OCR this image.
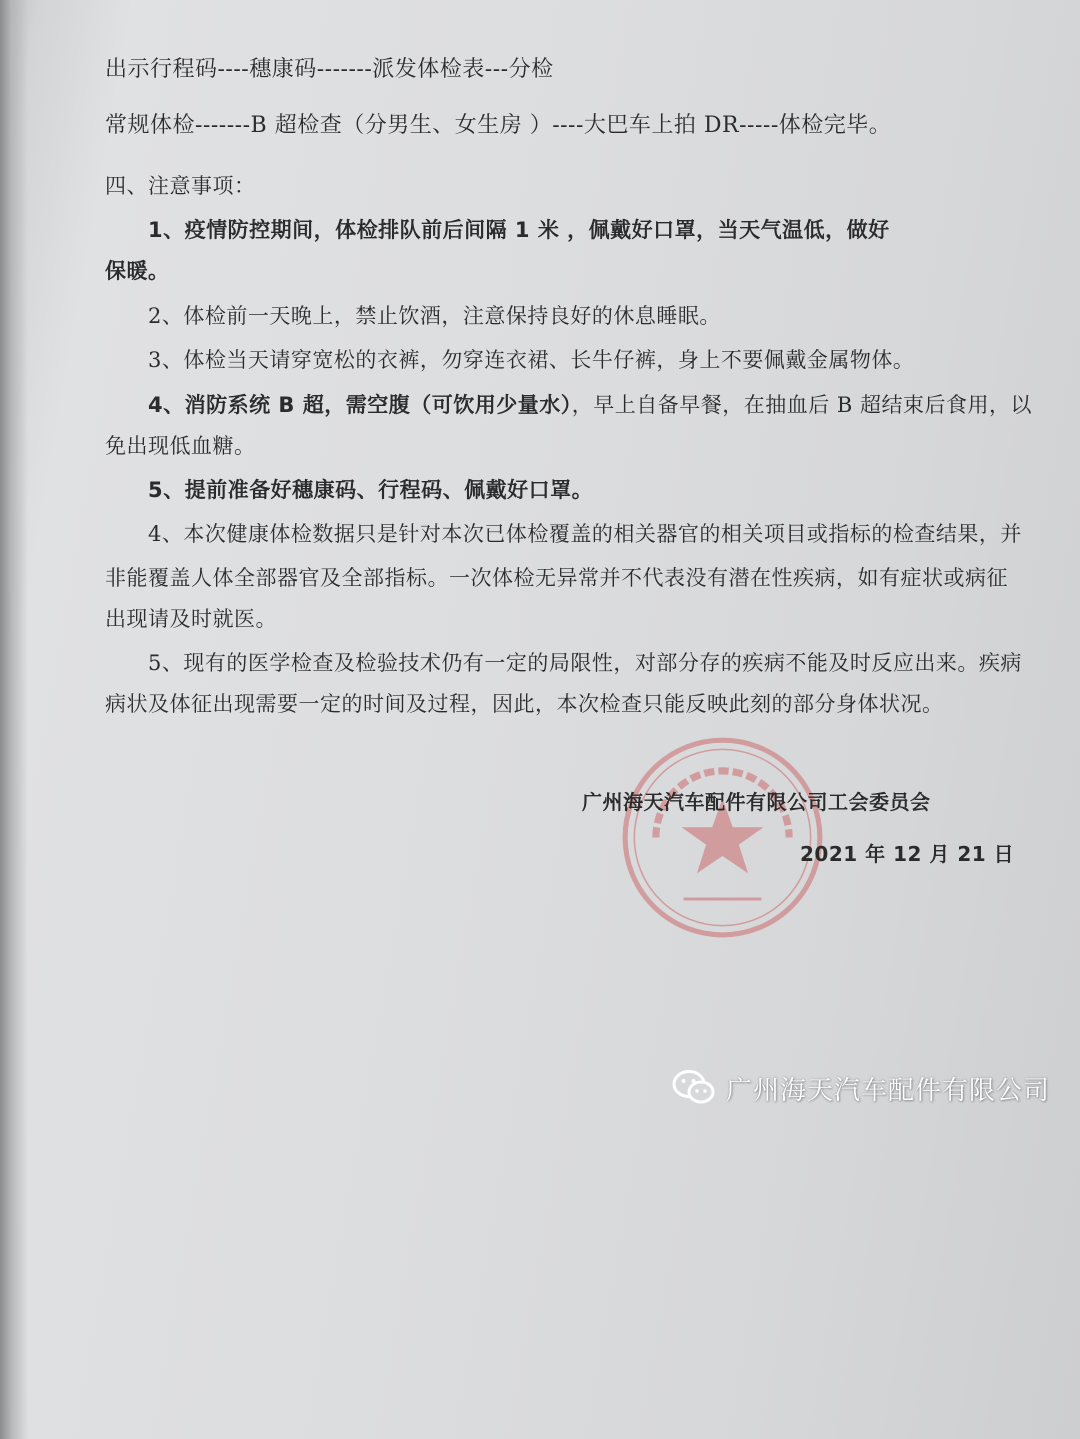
出示行程码----穗康码-------派发体检表---分检
常规体检-------B 超检查（分男生、女生房 ）----大巴车上拍 DR-----体检完毕。
四、注意事项：
1、疫情防控期间，体检排队前后间隔 1 米 ，佩戴好口罩，当天气温低，做好
保暖。
2、体检前一天晚上，禁止饮酒，注意保持良好的休息睡眠。
3、体检当天请穿宽松的衣裤，勿穿连衣裙、长牛仔裤，身上不要佩戴金属物体。
4、消防系统 B 超，需空腹（可饮用少量水），早上自备早餐，在抽血后 B 超结束后食用，以
免出现低血糖。
5、提前准备好穗康码、行程码、佩戴好口罩。
4、本次健康体检数据只是针对本次已体检覆盖的相关器官的相关项目或指标的检查结果，并
非能覆盖人体全部器官及全部指标。一次体检无异常并不代表没有潜在性疾病，如有症状或病征
出现请及时就医。
5、现有的医学检查及检验技术仍有一定的局限性，对部分存的疾病不能及时反应出来。疾病
病状及体征出现需要一定的时间及过程，因此，本次检查只能反映此刻的部分身体状况。
广州海天汽车配件有限公司工会委员会
2021 年 12 月 21 日
广州海天汽车配件有限公司
